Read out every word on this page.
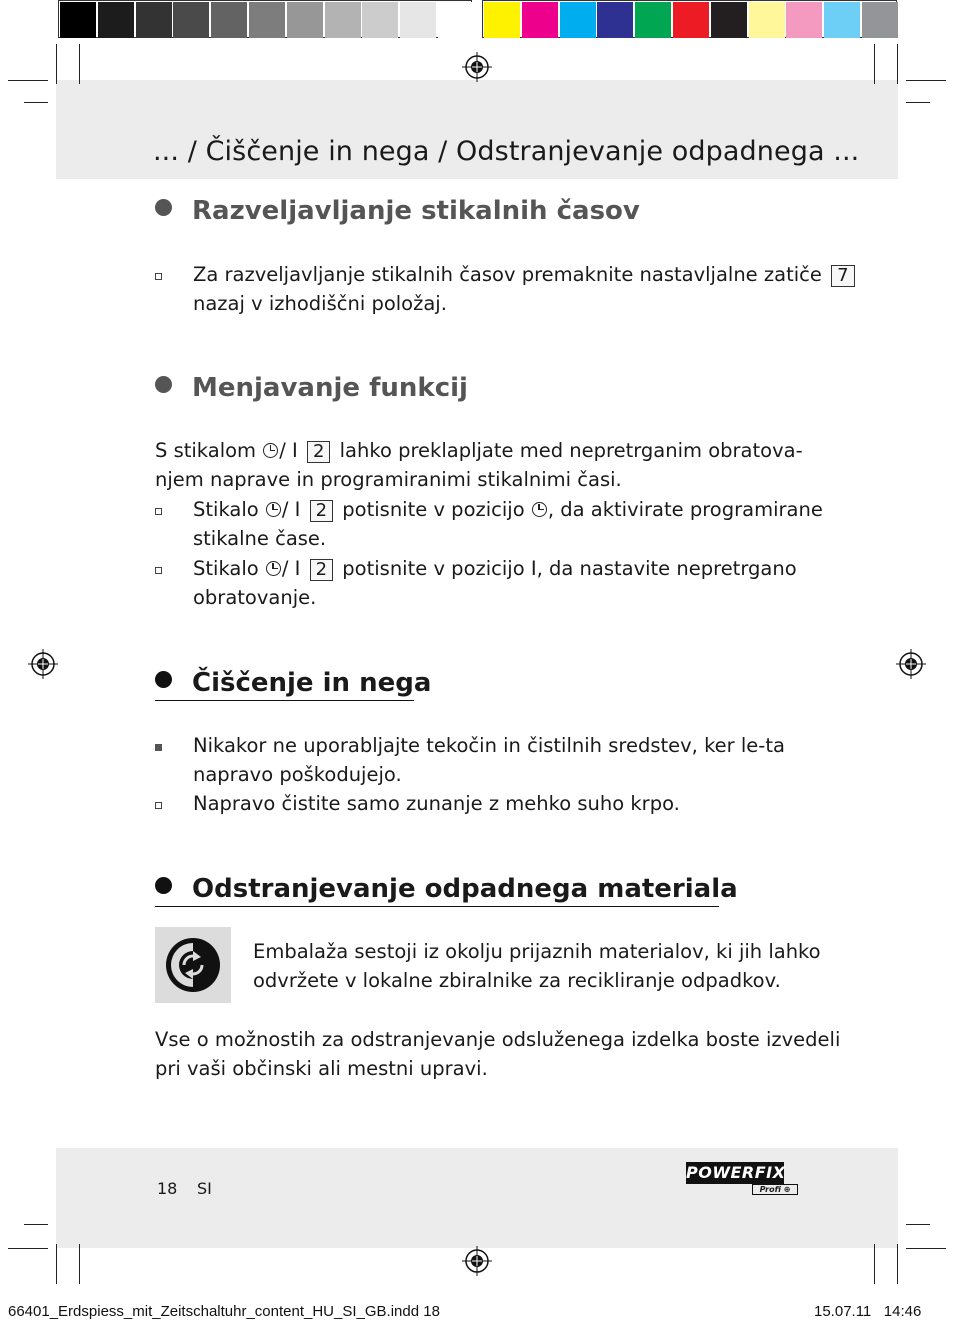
... / Čiščenje in nega / Odstranjevanje odpadnega ...
Razveljavljanje stikalnih časov
Za razveljavljanje stikalnih časov premaknite nastavljalne zatiče 7
nazaj v izhodiščni položaj.
Menjavanje funkcij
S stikalom / I 2 lahko preklapljate med nepretrganim obratova-
njem naprave in programiranimi stikalnimi časi.
Stikalo / I 2 potisnite v pozicijo , da aktivirate programirane
stikalne čase.
Stikalo / I 2 potisnite v pozicijo I, da nastavite nepretrgano
obratovanje.
Čiščenje in nega
Nikakor ne uporabljajte tekočin in čistilnih sredstev, ker le-ta
napravo poškodujejo.
Napravo čistite samo zunanje z mehko suho krpo.
Odstranjevanje odpadnega materiala
Embalaža sestoji iz okolju prijaznih materialov, ki jih lahko
odvržete v lokalne zbiralnike za recikliranje odpadkov.
Vse o možnostih za odstranjevanje odsluženega izdelka boste izvedeli
pri vaši občinski ali mestni upravi.
18 SI
POWERFIX
Profi ⊕
66401_Erdspiess_mit_Zeitschaltuhr_content_HU_SI_GB.indd 18	15.07.11 14:46
